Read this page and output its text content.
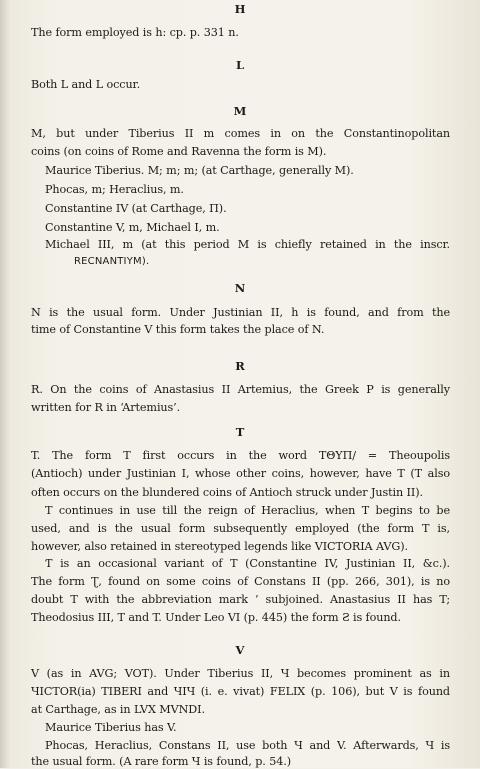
H
The form employed is h: cp. p. 331 n.
L
Both L and L occur.
M
M, but under Tiberius II m comes in on the Constantinopolitan
coins (on coins of Rome and Ravenna the form is M).
Maurice Tiberius. M; m; m; (at Carthage, generally M).
Phocas, m; Heraclius, m.
Constantine IV (at Carthage, Π).
Constantine V, m, Michael I, m.
Michael III, m (at this period M is chiefly retained in the inscr.
RECNANTIYM).
N
N is the usual form. Under Justinian II, h is found, and from the
time of Constantine V this form takes the place of N.
R
R. On the coins of Anastasius II Artemius, the Greek P is generally
written for R in ‘Artemius’.
T
T. The form T first occurs in the word TΘΥΠ/ = Theoupolis
(Antioch) under Justinian I, whose other coins, however, have T (T also
often occurs on the blundered coins of Antioch struck under Justin II).
T continues in use till the reign of Heraclius, when T begins to be
used, and is the usual form subsequently employed (the form T is,
however, also retained in stereotyped legends like VICTORIA AVG).
Ƭ is an occasional variant of T (Constantine IV, Justinian II, &c.).
The form Ʈ, found on some coins of Constans II (pp. 266, 301), is no
doubt T with the abbreviation mark ’ subjoined. Anastasius II has T;
Theodosius III, T and T. Under Leo VI (p. 445) the form Ƨ is found.
V
V (as in AVG; VOT). Under Tiberius II, Ч becomes prominent as in
ЧICTOR(ia) TIBERI and ЧIЧ (i. e. vivat) FELIX (p. 106), but V is found
at Carthage, as in LVX MVNDI.
Maurice Tiberius has V.
Phocas, Heraclius, Constans II, use both Ч and V. Afterwards, Ч is
the usual form. (A rare form Ч is found, p. 54.)
